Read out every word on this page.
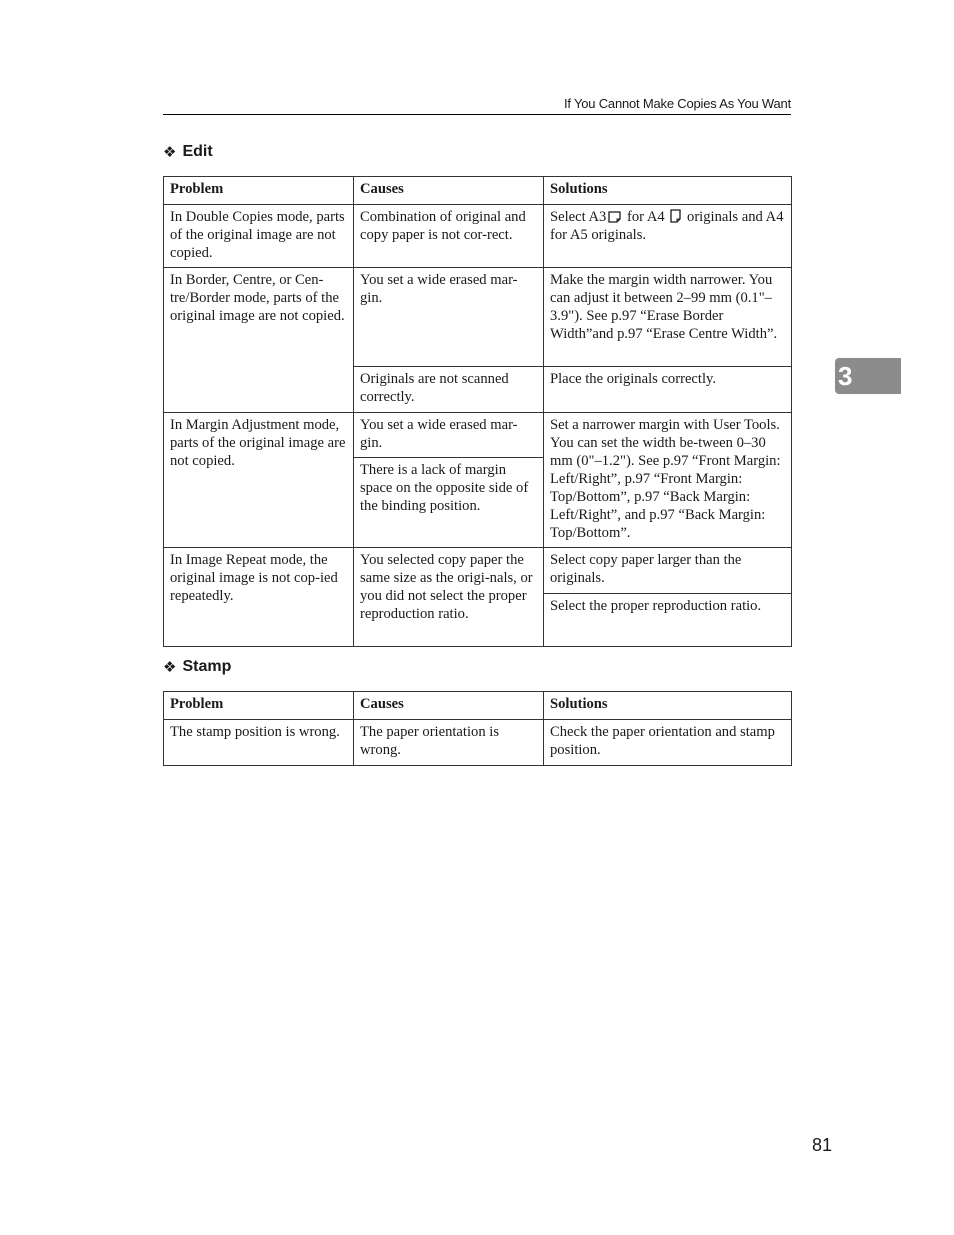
If You Cannot Make Copies As You Want
❖ Edit
Problem	Causes	Solutions
In Double Copies mode, parts of the original image are not copied.	Combination of original and copy paper is not cor-rect.	Select A3 for A4 originals and A4 for A5 originals.
In Border, Centre, or Cen-tre/Border mode, parts of the original image are not copied.	You set a wide erased mar-gin.	Make the margin width narrower. You can adjust it between 2–99 mm (0.1"–3.9"). See p.97 “Erase Border Width”and p.97 “Erase Centre Width”.
	Originals are not scanned correctly.	Place the originals correctly.
In Margin Adjustment mode, parts of the original image are not copied.	You set a wide erased mar-gin.	Set a narrower margin with User Tools. You can set the width be-tween 0–30 mm (0"–1.2"). See p.97 “Front Margin: Left/Right”, p.97 “Front Margin: Top/Bottom”, p.97 “Back Margin: Left/Right”, and p.97 “Back Margin: Top/Bottom”.
	There is a lack of margin space on the opposite side of the binding position.	
In Image Repeat mode, the original image is not cop-ied repeatedly.	You selected copy paper the same size as the origi-nals, or you did not select the proper reproduction ratio.	Select copy paper larger than the originals.
		Select the proper reproduction ratio.
❖ Stamp
Problem	Causes	Solutions
The stamp position is wrong.	The paper orientation is wrong.	Check the paper orientation and stamp position.
3
81
